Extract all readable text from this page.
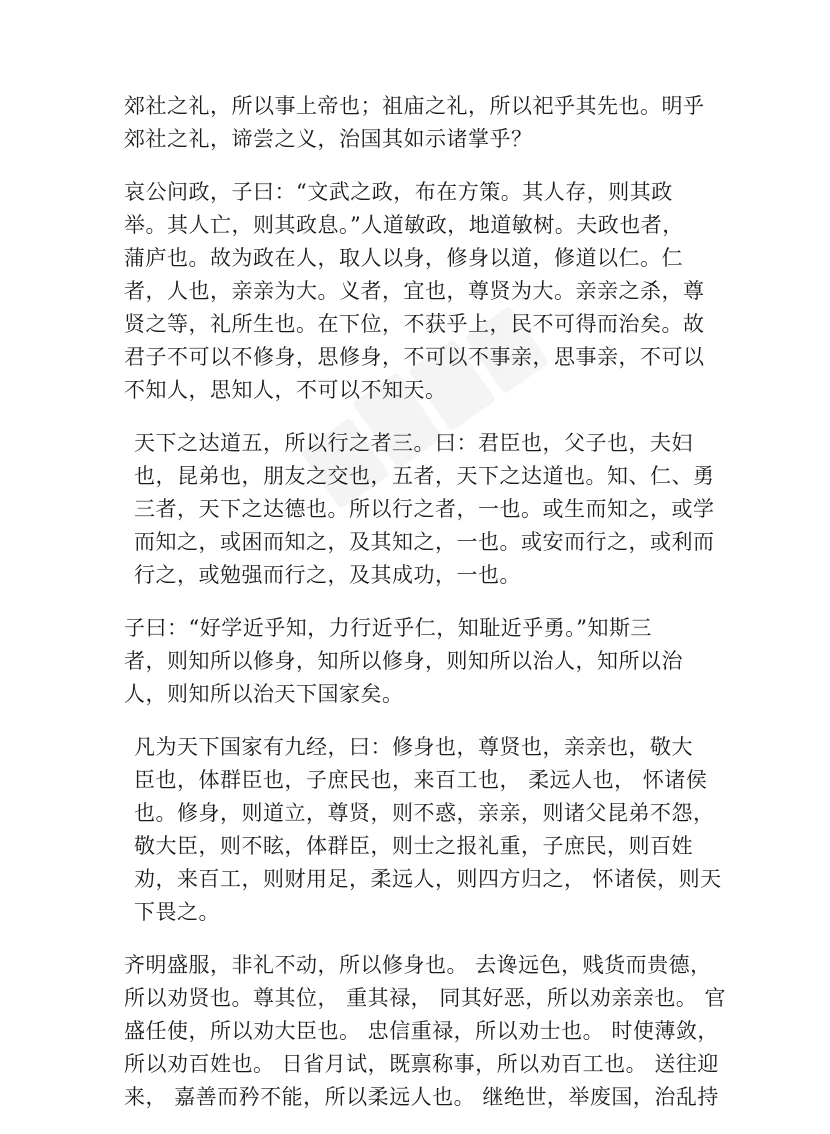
郊社之礼，所以事上帝也；祖庙之礼，所以祀乎其先也。明乎
郊社之礼，谛尝之义，治国其如示诸掌乎？

哀公问政，子曰：“文武之政，布在方策。其人存，则其政
举。其人亡，则其政息。”人道敏政，地道敏树。夫政也者，
蒲庐也。故为政在人，取人以身，修身以道，修道以仁。仁
者，人也，亲亲为大。义者，宜也，尊贤为大。亲亲之杀，尊
贤之等，礼所生也。在下位，不获乎上，民不可得而治矣。故
君子不可以不修身，思修身，不可以不事亲，思事亲，不可以
不知人，思知人，不可以不知天。

天下之达道五，所以行之者三。曰：君臣也，父子也，夫妇
也，昆弟也，朋友之交也，五者，天下之达道也。知、仁、勇
三者，天下之达德也。所以行之者，一也。或生而知之，或学
而知之，或困而知之，及其知之，一也。或安而行之，或利而
行之，或勉强而行之，及其成功，一也。

子曰：“好学近乎知，力行近乎仁，知耻近乎勇。”知斯三
者，则知所以修身，知所以修身，则知所以治人，知所以治
人，则知所以治天下国家矣。

凡为天下国家有九经，曰：修身也，尊贤也，亲亲也，敬大
臣也，体群臣也，子庶民也，来百工也， 柔远人也， 怀诸侯
也。修身，则道立，尊贤，则不惑，亲亲，则诸父昆弟不怨，
敬大臣，则不眩，体群臣，则士之报礼重，子庶民，则百姓
劝，来百工，则财用足，柔远人，则四方归之， 怀诸侯，则天
下畏之。

齐明盛服，非礼不动，所以修身也。 去谗远色，贱货而贵德，
所以劝贤也。尊其位， 重其禄， 同其好恶，所以劝亲亲也。 官
盛任使，所以劝大臣也。 忠信重禄，所以劝士也。 时使薄敛，
所以劝百姓也。 日省月试，既禀称事，所以劝百工也。 送往迎
来， 嘉善而矜不能，所以柔远人也。 继绝世，举废国，治乱持
